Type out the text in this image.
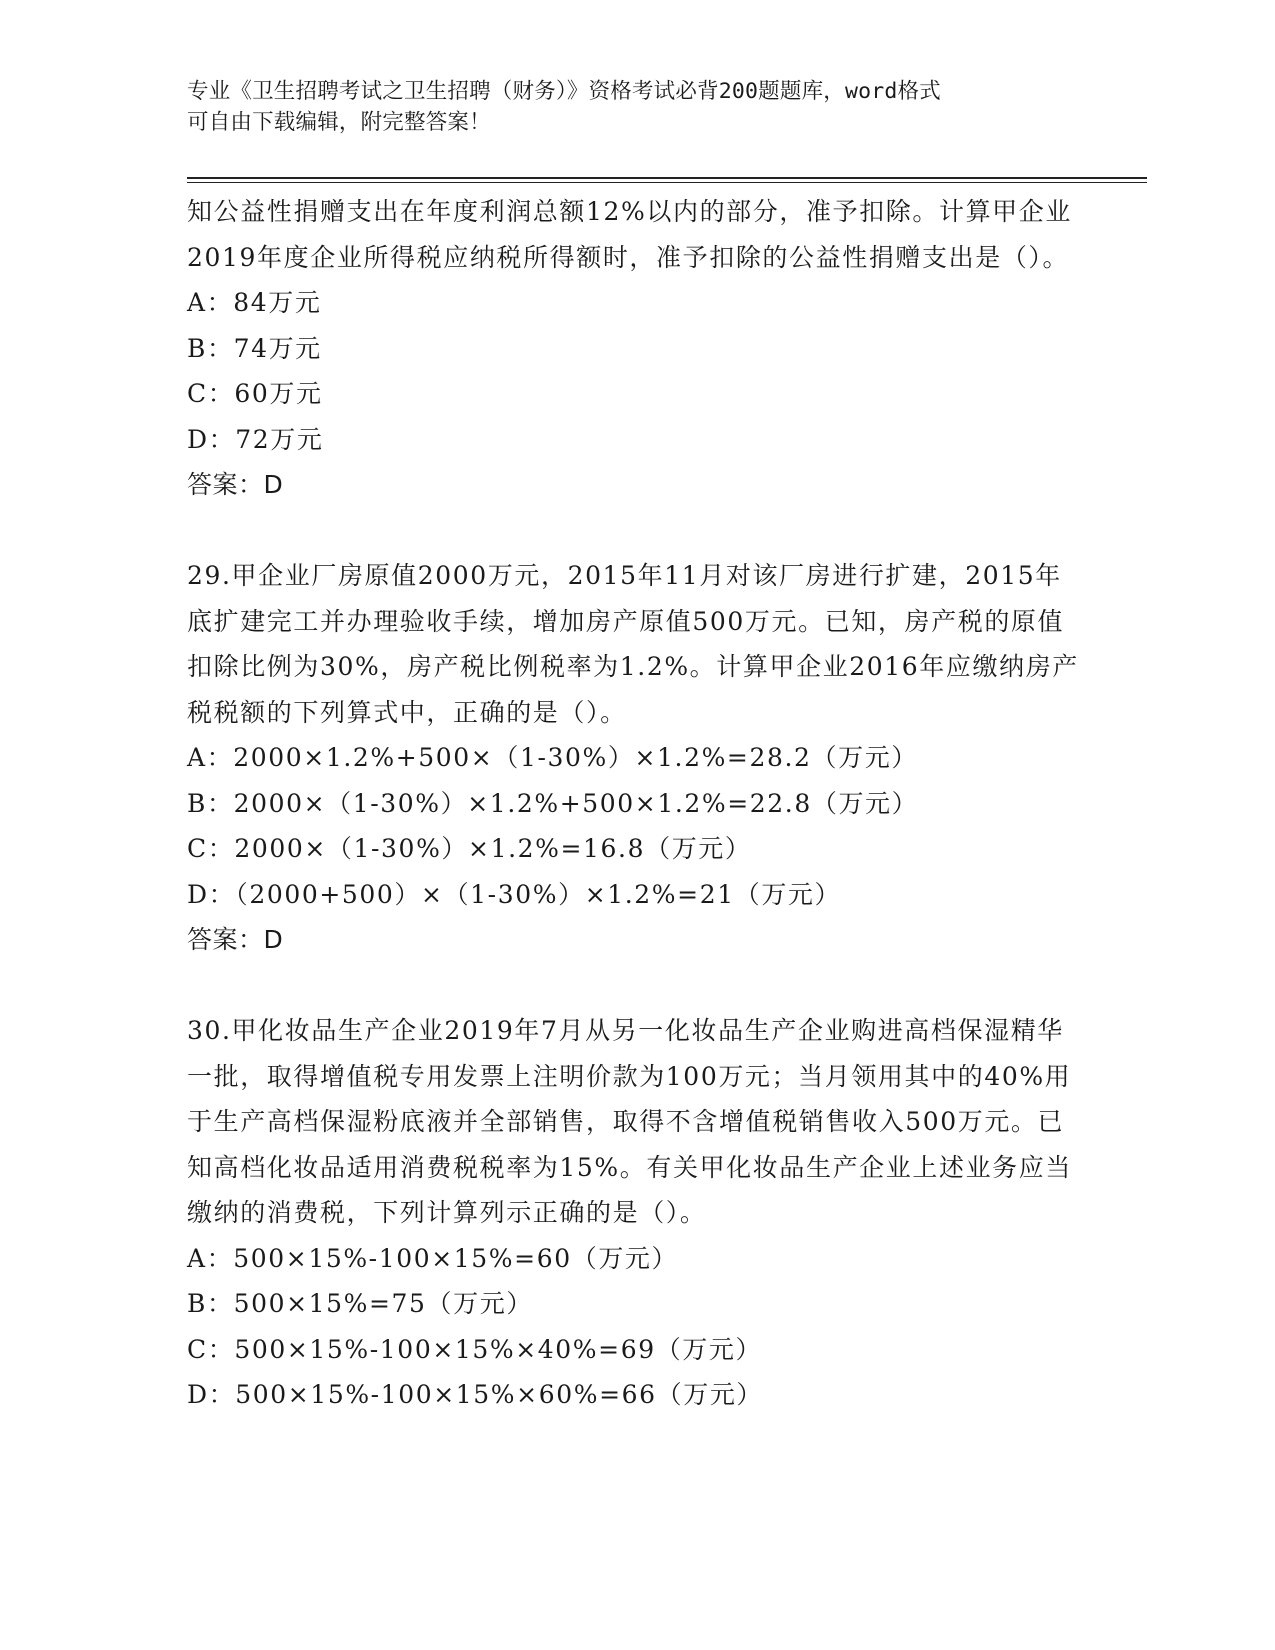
专业《卫生招聘考试之卫生招聘（财务）》资格考试必背200题题库，word格式
可自由下载编辑，附完整答案！

知公益性捐赠支出在年度利润总额12%以内的部分，准予扣除。计算甲企业2019年度企业所得税应纳税所得额时，准予扣除的公益性捐赠支出是（）。

A：84万元

B：74万元

C：60万元

D：72万元

答案：D

29.甲企业厂房原值2000万元，2015年11月对该厂房进行扩建，2015年底扩建完工并办理验收手续，增加房产原值500万元。已知，房产税的原值扣除比例为30%，房产税比例税率为1.2%。计算甲企业2016年应缴纳房产税税额的下列算式中，正确的是（）。

A：2000×1.2%+500×（1-30%）×1.2%=28.2（万元）

B：2000×（1-30%）×1.2%+500×1.2%=22.8（万元）

C：2000×（1-30%）×1.2%=16.8（万元）

D：（2000+500）×（1-30%）×1.2%=21（万元）

答案：D

30.甲化妆品生产企业2019年7月从另一化妆品生产企业购进高档保湿精华一批，取得增值税专用发票上注明价款为100万元；当月领用其中的40%用于生产高档保湿粉底液并全部销售，取得不含增值税销售收入500万元。已知高档化妆品适用消费税税率为15%。有关甲化妆品生产企业上述业务应当缴纳的消费税，下列计算列示正确的是（）。

A：500×15%-100×15%=60（万元）

B：500×15%=75（万元）

C：500×15%-100×15%×40%=69（万元）

D：500×15%-100×15%×60%=66（万元）
